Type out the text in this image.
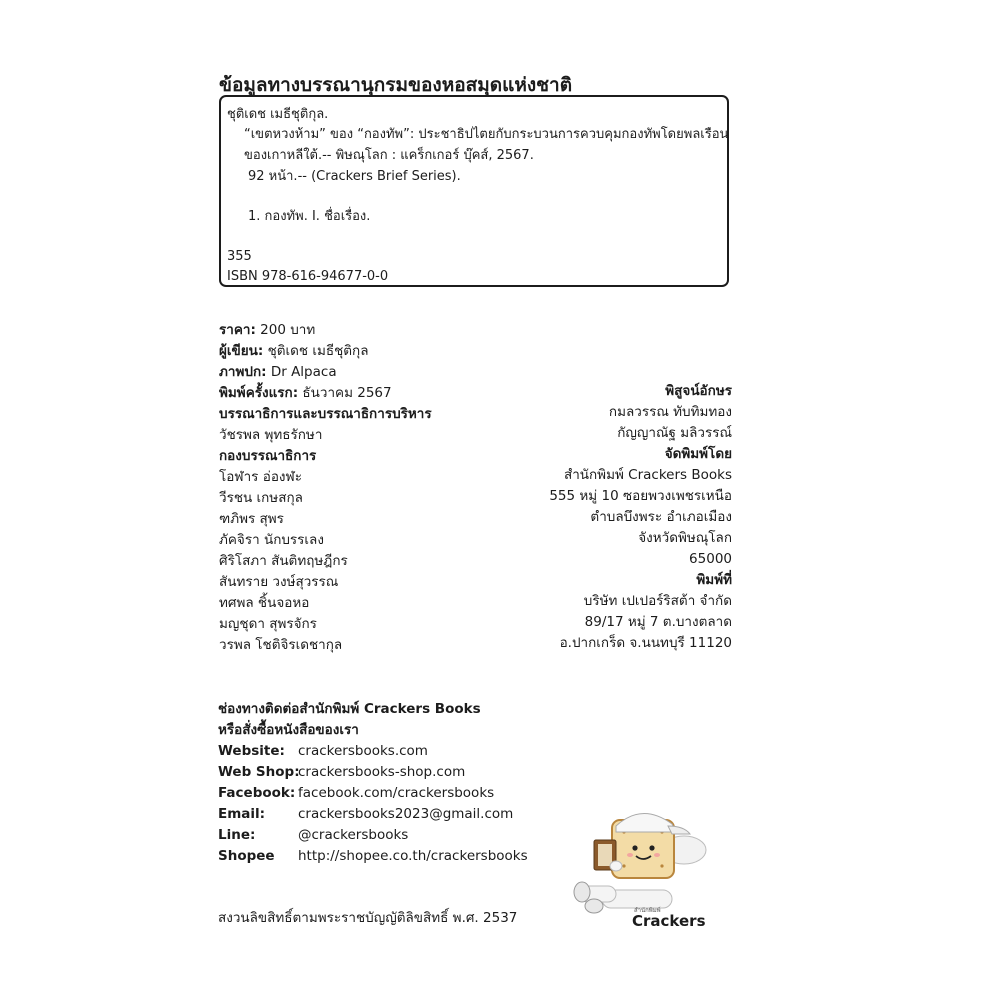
ข้อมูลทางบรรณานุกรมของหอสมุดแห่งชาติ
ชุติเดช เมธีชุติกุล.
“เขตหวงห้าม” ของ “กองทัพ”: ประชาธิปไตยกับกระบวนการควบคุมกองทัพโดยพลเรือน
ของเกาหลีใต้.-- พิษณุโลก : แคร็กเกอร์ บุ๊คส์, 2567.
92 หน้า.-- (Crackers Brief Series).
1. กองทัพ. I. ชื่อเรื่อง.
355
ISBN 978-616-94677-0-0
ราคา: 200 บาท
ผู้เขียน: ชุติเดช เมธีชุติกุล
ภาพปก: Dr Alpaca
พิมพ์ครั้งแรก: ธันวาคม 2567
บรรณาธิการและบรรณาธิการบริหาร
วัชรพล พุทธรักษา
กองบรรณาธิการ
โอฬาร อ่องฬะ
วีรชน เกษสกุล
ฑภิพร สุพร
ภัคจิรา นักบรรเลง
ศิริโสภา สันติทฤษฎีกร
สันทราย วงษ์สุวรรณ
ทศพล ชิ้นจอหอ
มญชุดา สุพรจักร
วรพล โชติจิรเดชากุล
พิสูจน์อักษร
กมลวรรณ ทับทิมทอง
กัญญาณัฐ มลิวรรณ์
จัดพิมพ์โดย
สำนักพิมพ์ Crackers Books
555 หมู่ 10 ซอยพวงเพชรเหนือ
ตำบลบึงพระ อำเภอเมือง
จังหวัดพิษณุโลก
65000
พิมพ์ที่
บริษัท เปเปอร์ริสต้า จำกัด
89/17 หมู่ 7 ต.บางตลาด
อ.ปากเกร็ด จ.นนทบุรี 11120
ช่องทางติดต่อสำนักพิมพ์ Crackers Books
หรือสั่งซื้อหนังสือของเรา
Website: crackersbooks.com
Web Shop:
crackersbooks-shop.com
Facebook: facebook.com/crackersbooks
Email: crackersbooks2023@gmail.com
Line:	@crackersbooks
Shopee http://shopee.co.th/crackersbooks
สงวนลิขสิทธิ์ตามพระราชบัญญัติลิขสิทธิ์ พ.ศ. 2537	สำนักพิมพ์
Crackers
